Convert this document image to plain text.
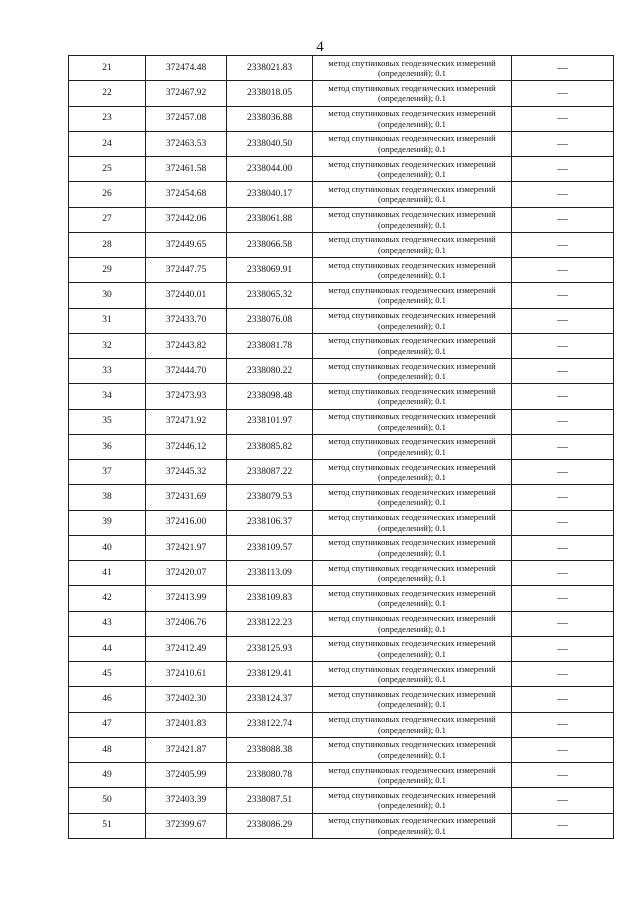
4
21	372474.48	2338021.83	метод спутниковых геодезических измерений (определений); 0.1	—
22	372467.92	2338018.05	метод спутниковых геодезических измерений (определений); 0.1	—
23	372457.08	2338036.88	метод спутниковых геодезических измерений (определений); 0.1	—
24	372463.53	2338040.50	метод спутниковых геодезических измерений (определений); 0.1	—
25	372461.58	2338044.00	метод спутниковых геодезических измерений (определений); 0.1	—
26	372454.68	2338040.17	метод спутниковых геодезических измерений (определений); 0.1	—
27	372442.06	2338061.88	метод спутниковых геодезических измерений (определений); 0.1	—
28	372449.65	2338066.58	метод спутниковых геодезических измерений (определений); 0.1	—
29	372447.75	2338069.91	метод спутниковых геодезических измерений (определений); 0.1	—
30	372440.01	2338065.32	метод спутниковых геодезических измерений (определений); 0.1	—
31	372433.70	2338076.08	метод спутниковых геодезических измерений (определений); 0.1	—
32	372443.82	2338081.78	метод спутниковых геодезических измерений (определений); 0.1	—
33	372444.70	2338080.22	метод спутниковых геодезических измерений (определений); 0.1	—
34	372473.93	2338098.48	метод спутниковых геодезических измерений (определений); 0.1	—
35	372471.92	2338101.97	метод спутниковых геодезических измерений (определений); 0.1	—
36	372446.12	2338085.82	метод спутниковых геодезических измерений (определений); 0.1	—
37	372445.32	2338087.22	метод спутниковых геодезических измерений (определений); 0.1	—
38	372431.69	2338079.53	метод спутниковых геодезических измерений (определений); 0.1	—
39	372416.00	2338106.37	метод спутниковых геодезических измерений (определений); 0.1	—
40	372421.97	2338109.57	метод спутниковых геодезических измерений (определений); 0.1	—
41	372420.07	2338113.09	метод спутниковых геодезических измерений (определений); 0.1	—
42	372413.99	2338109.83	метод спутниковых геодезических измерений (определений); 0.1	—
43	372406.76	2338122.23	метод спутниковых геодезических измерений (определений); 0.1	—
44	372412.49	2338125.93	метод спутниковых геодезических измерений (определений); 0.1	—
45	372410.61	2338129.41	метод спутниковых геодезических измерений (определений); 0.1	—
46	372402.30	2338124.37	метод спутниковых геодезических измерений (определений); 0.1	—
47	372401.83	2338122.74	метод спутниковых геодезических измерений (определений); 0.1	—
48	372421.87	2338088.38	метод спутниковых геодезических измерений (определений); 0.1	—
49	372405.99	2338080.78	метод спутниковых геодезических измерений (определений); 0.1	—
50	372403.39	2338087.51	метод спутниковых геодезических измерений (определений); 0.1	—
51	372399.67	2338086.29	метод спутниковых геодезических измерений (определений); 0.1	—
